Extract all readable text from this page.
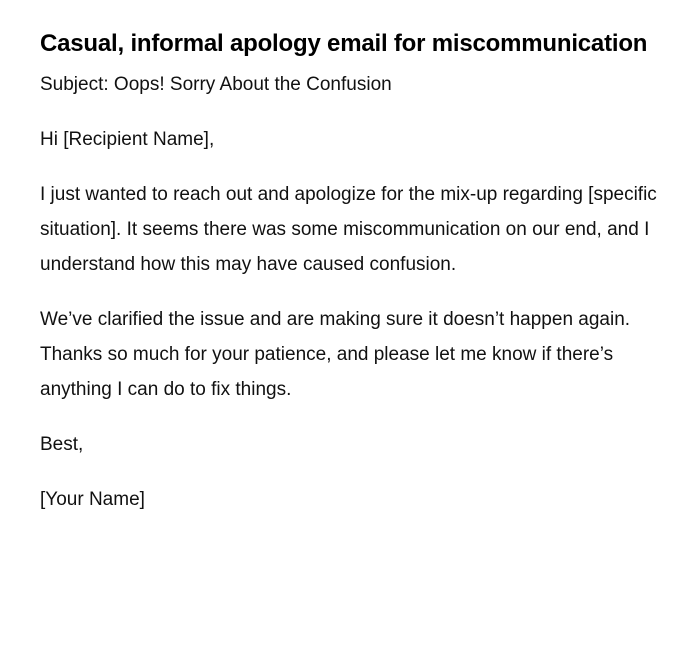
Casual, informal apology email for miscommunication

Subject: Oops! Sorry About the Confusion

Hi [Recipient Name],

I just wanted to reach out and apologize for the mix-up regarding [specific situation]. It seems there was some miscommunication on our end, and I understand how this may have caused confusion.

We’ve clarified the issue and are making sure it doesn’t happen again. Thanks so much for your patience, and please let me know if there’s anything I can do to fix things.

Best,

[Your Name]
